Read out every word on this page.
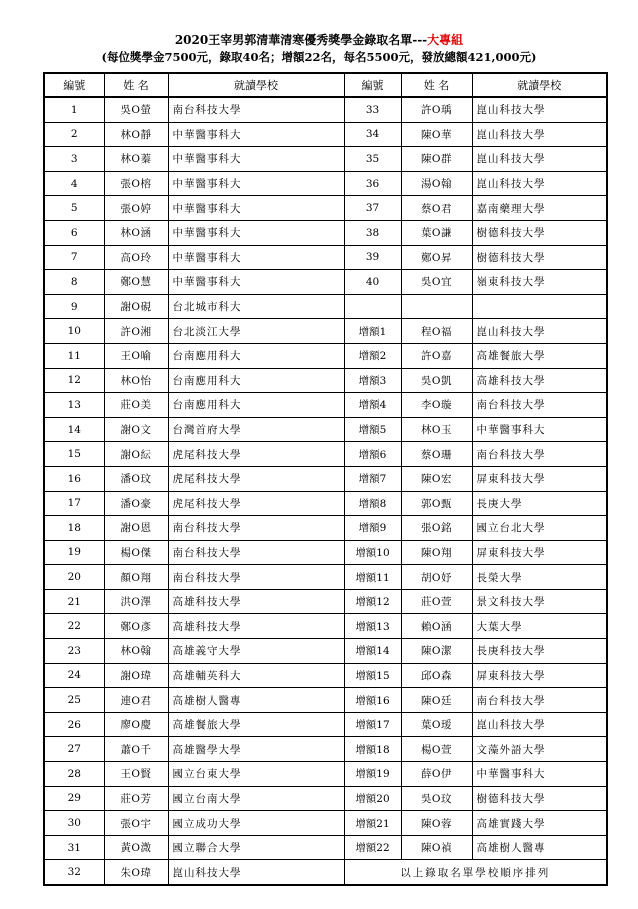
2020王宰男郭清華清寒優秀獎學金錄取名單---大專組
(每位獎學金7500元，錄取40名；增額22名，每名5500元，發放總額421,000元)
編號	姓 名	就讀學校	編號	姓 名	就讀學校
1	吳O螢	南台科技大學	33	許O瑀	崑山科技大學
2	林O靜	中華醫事科大	34	陳O華	崑山科技大學
3	林O蓁	中華醫事科大	35	陳O群	崑山科技大學
4	張O榕	中華醫事科大	36	湯O翰	崑山科技大學
5	張O婷	中華醫事科大	37	蔡O君	嘉南藥理大學
6	林O涵	中華醫事科大	38	葉O謙	樹德科技大學
7	高O玲	中華醫事科大	39	鄭O昇	樹德科技大學
8	鄭O慧	中華醫事科大	40	吳O宜	嶺東科技大學
9	謝O硯	台北城市科大			
10	許O湘	台北淡江大學	增額1	程O福	崑山科技大學
11	王O喻	台南應用科大	增額2	許O嘉	高雄餐旅大學
12	林O怡	台南應用科大	增額3	吳O凱	高雄科技大學
13	莊O美	台南應用科大	增額4	李O璇	南台科技大學
14	謝O文	台灣首府大學	增額5	林O玉	中華醫事科大
15	謝O紜	虎尾科技大學	增額6	蔡O珊	南台科技大學
16	潘O玟	虎尾科技大學	增額7	陳O宏	屏東科技大學
17	潘O豪	虎尾科技大學	增額8	郭O甄	長庚大學
18	謝O恩	南台科技大學	增額9	張O銘	國立台北大學
19	楊O傑	南台科技大學	增額10	陳O翔	屏東科技大學
20	顏O翔	南台科技大學	增額11	胡O妤	長榮大學
21	洪O澤	高雄科技大學	增額12	莊O萱	景文科技大學
22	鄭O彥	高雄科技大學	增額13	賴O涵	大葉大學
23	林O翰	高雄義守大學	增額14	陳O潔	長庚科技大學
24	謝O瑋	高雄輔英科大	增額15	邱O森	屏東科技大學
25	連O君	高雄樹人醫專	增額16	陳O廷	南台科技大學
26	廖O慶	高雄餐旅大學	增額17	葉O瑷	崑山科技大學
27	蕭O千	高雄醫學大學	增額18	楊O萱	文藻外語大學
28	王O賢	國立台東大學	增額19	薛O伊	中華醫事科大
29	莊O芳	國立台南大學	增額20	吳O玟	樹德科技大學
30	張O宇	國立成功大學	增額21	陳O蓉	高雄實踐大學
31	黃O溦	國立聯合大學	增額22	陳O禎	高雄樹人醫專
32	朱O瑋	崑山科技大學	以上錄取名單學校順序排列		
